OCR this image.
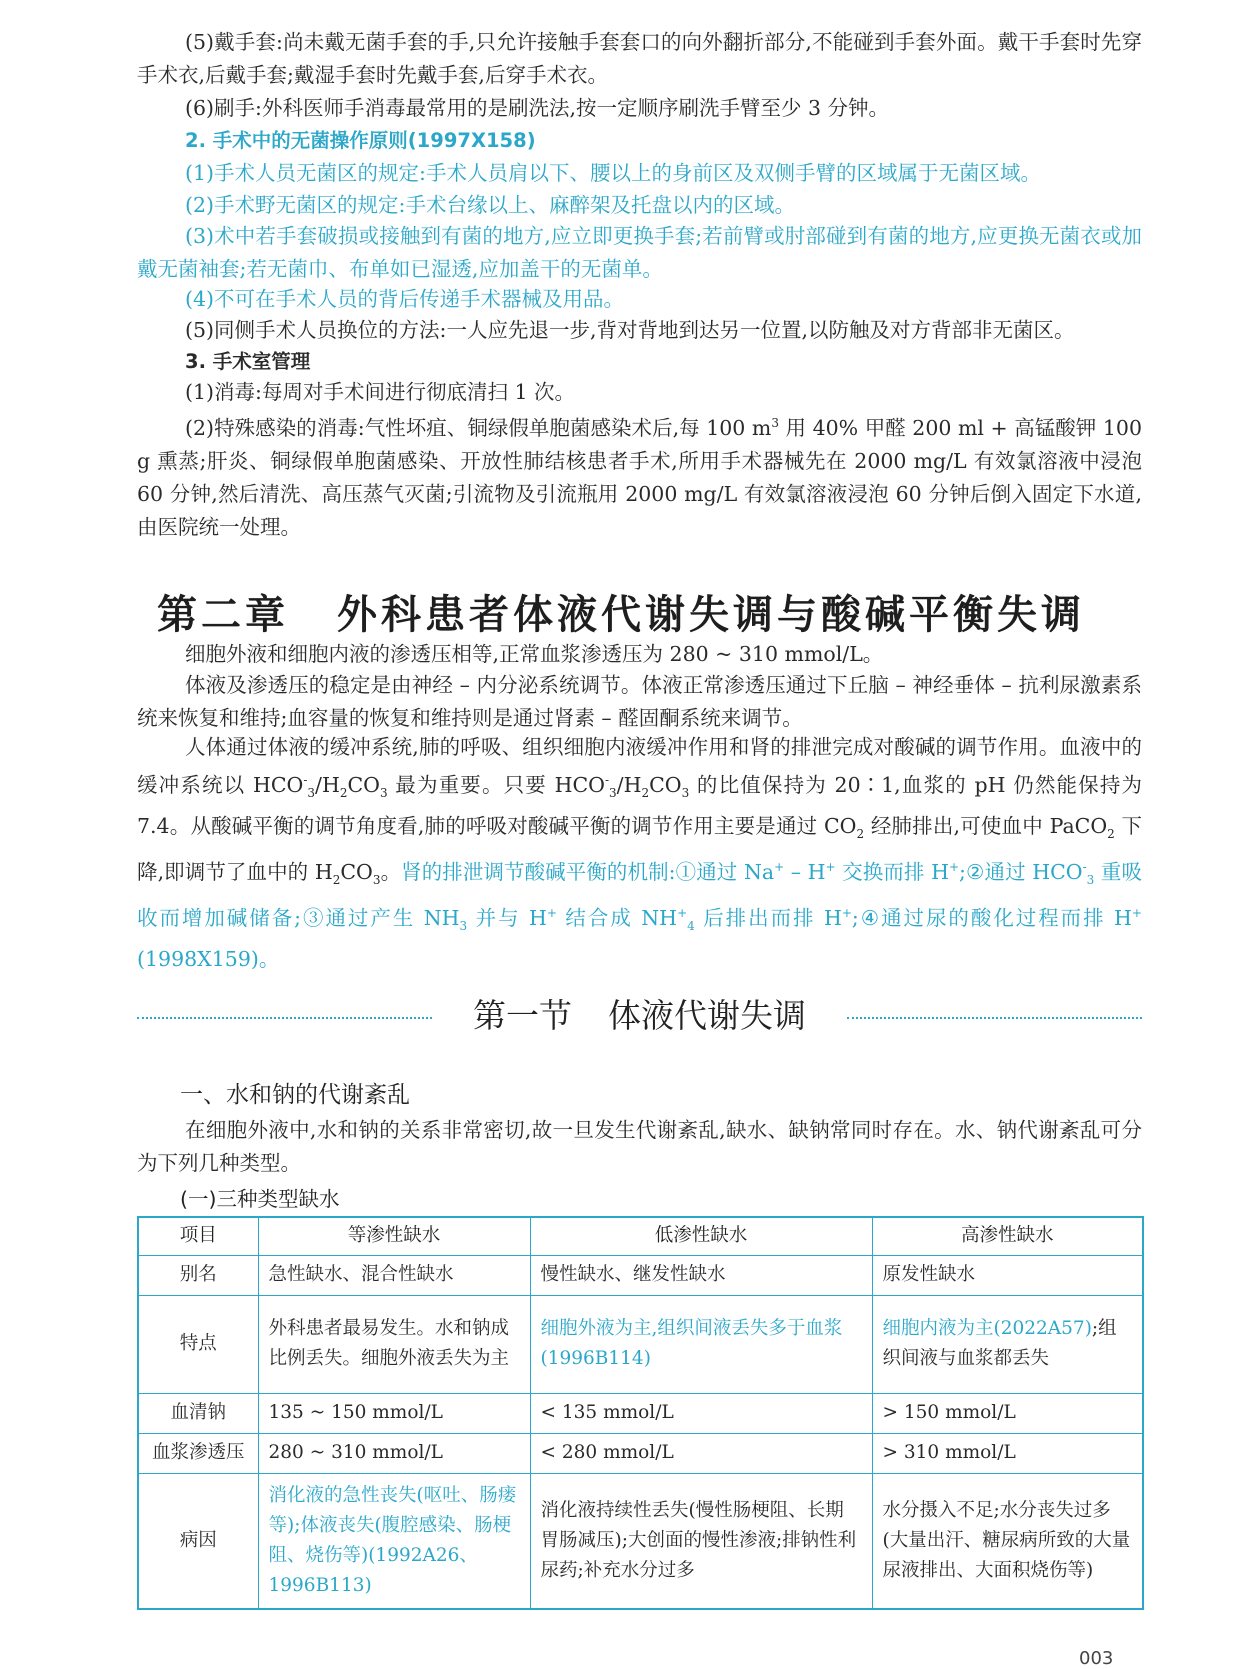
(5)戴手套:尚未戴无菌手套的手,只允许接触手套套口的向外翻折部分,不能碰到手套外面。戴干手套时先穿手术衣,后戴手套;戴湿手套时先戴手套,后穿手术衣。

(6)刷手:外科医师手消毒最常用的是刷洗法,按一定顺序刷洗手臂至少 3 分钟。

2. 手术中的无菌操作原则(1997X158)

(1)手术人员无菌区的规定:手术人员肩以下、腰以上的身前区及双侧手臂的区域属于无菌区域。

(2)手术野无菌区的规定:手术台缘以上、麻醉架及托盘以内的区域。

(3)术中若手套破损或接触到有菌的地方,应立即更换手套;若前臂或肘部碰到有菌的地方,应更换无菌衣或加戴无菌袖套;若无菌巾、布单如已湿透,应加盖干的无菌单。

(4)不可在手术人员的背后传递手术器械及用品。

(5)同侧手术人员换位的方法:一人应先退一步,背对背地到达另一位置,以防触及对方背部非无菌区。

3. 手术室管理

(1)消毒:每周对手术间进行彻底清扫 1 次。

(2)特殊感染的消毒:气性坏疽、铜绿假单胞菌感染术后,每 100 $m^3$ 用 40% 甲醛 200 ml + 高锰酸钾 100 g 熏蒸;肝炎、铜绿假单胞菌感染、开放性肺结核患者手术,所用手术器械先在 2000 mg/L 有效氯溶液中浸泡 60 分钟,然后清洗、高压蒸气灭菌;引流物及引流瓶用 2000 mg/L 有效氯溶液浸泡 60 分钟后倒入固定下水道,由医院统一处理。

第二章 外科患者体液代谢失调与酸碱平衡失调

细胞外液和细胞内液的渗透压相等,正常血浆渗透压为 280 ~ 310 mmol/L。

体液及渗透压的稳定是由神经 – 内分泌系统调节。体液正常渗透压通过下丘脑 – 神经垂体 – 抗利尿激素系统来恢复和维持;血容量的恢复和维持则是通过肾素 – 醛固酮系统来调节。

人体通过体液的缓冲系统,肺的呼吸、组织细胞内液缓冲作用和肾的排泄完成对酸碱的调节作用。血液中的缓冲系统以 $HCO^-_3/H_2CO_3$ 最为重要。只要 $HCO^-_3/H_2CO_3$ 的比值保持为 20∶1,血浆的 pH 仍然能保持为 7.4。从酸碱平衡的调节角度看,肺的呼吸对酸碱平衡的调节作用主要是通过 $CO_2$ 经肺排出,可使血中 PaCO$_2$ 下降,即调节了血中的 $H_2CO_3$。肾的排泄调节酸碱平衡的机制:①通过 Na+ – H+ 交换而排 H+;②通过 $HCO^-_3$ 重吸收而增加碱储备;③通过产生 $NH_3$ 并与 H+ 结合成 $NH^+_4$ 后排出而排 H+;④通过尿的酸化过程而排 H+(1998X159)。

第一节 体液代谢失调
一、水和钠的代谢紊乱

在细胞外液中,水和钠的关系非常密切,故一旦发生代谢紊乱,缺水、缺钠常同时存在。水、钠代谢紊乱可分为下列几种类型。

(一)三种类型缺水
项目	等渗性缺水	低渗性缺水	高渗性缺水
别名	急性缺水、混合性缺水	慢性缺水、继发性缺水	原发性缺水
特点	外科患者最易发生。水和钠成比例丢失。细胞外液丢失为主	细胞外液为主,组织间液丢失多于血浆(1996B114)	细胞内液为主(2022A57);组织间液与血浆都丢失
血清钠	135 ~ 150 mmol/L	< 135 mmol/L	> 150 mmol/L
血浆渗透压	280 ~ 310 mmol/L	< 280 mmol/L	> 310 mmol/L
病因	消化液的急性丧失(呕吐、肠瘘等);体液丧失(腹腔感染、肠梗阻、烧伤等)(1992A26、1996B113)	消化液持续性丢失(慢性肠梗阻、长期胃肠减压);大创面的慢性渗液;排钠性利尿药;补充水分过多	水分摄入不足;水分丧失过多(大量出汗、糖尿病所致的大量尿液排出、大面积烧伤等)
003
